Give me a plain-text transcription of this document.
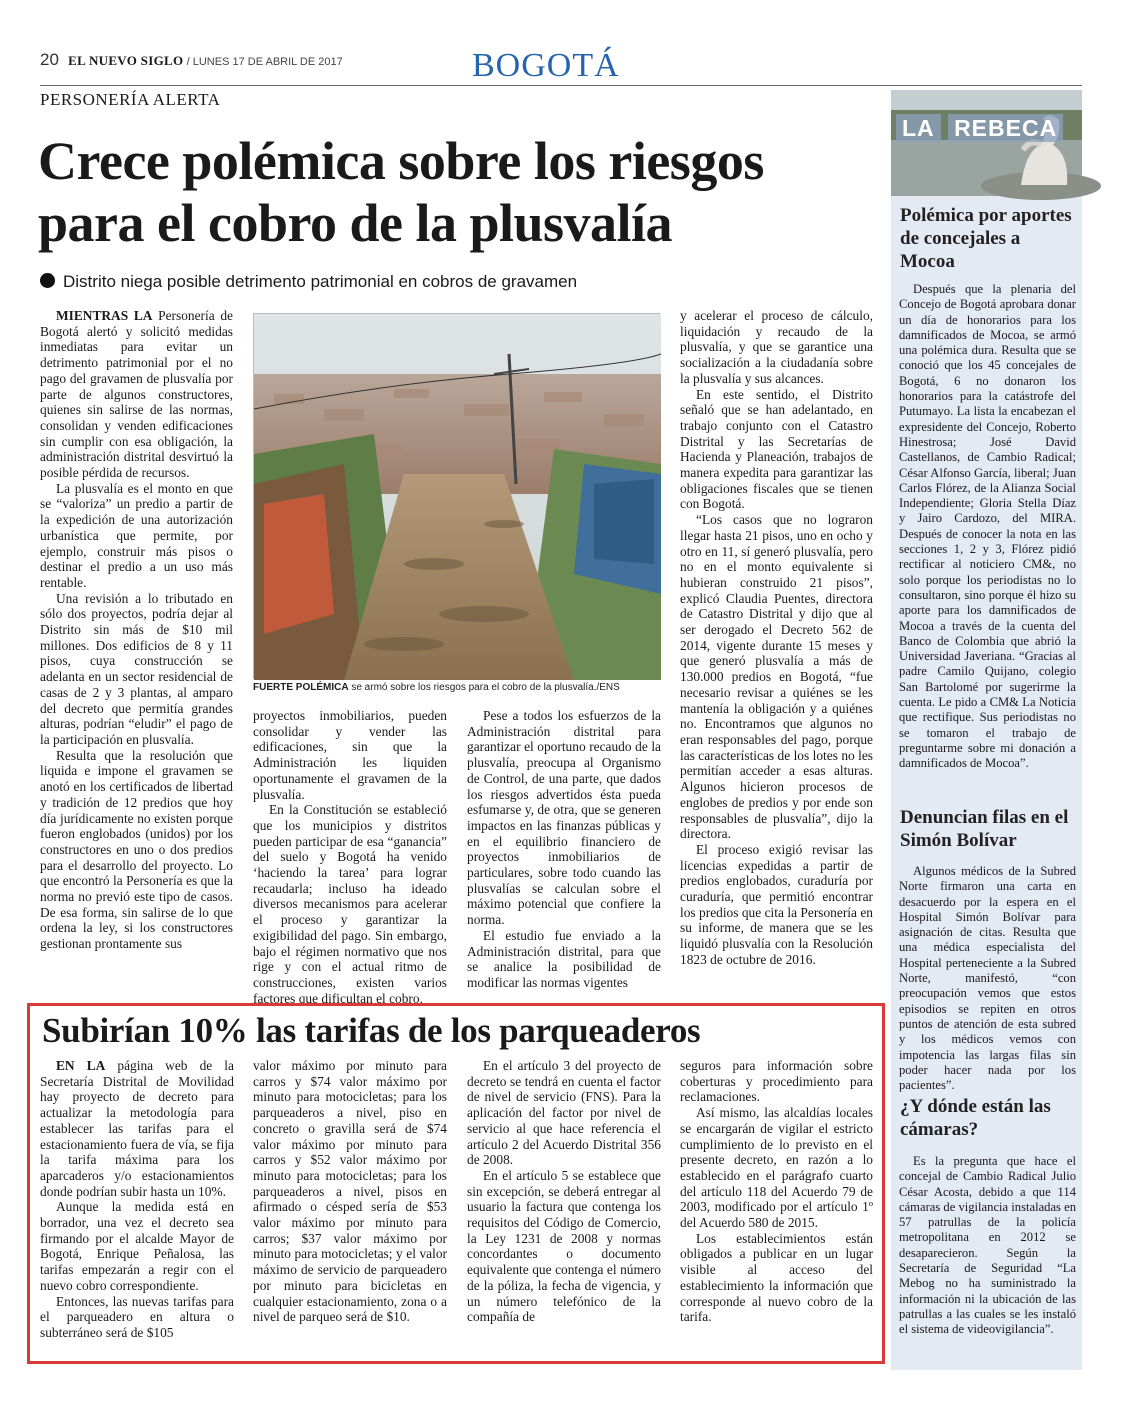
20 EL NUEVO SIGLO / LUNES 17 DE ABRIL DE 2017	BOGOTÁ
PERSONERÍA ALERTA
Crece polémica sobre los riesgos para el cobro de la plusvalía
Distrito niega posible detrimento patrimonial en cobros de gravamen

MIENTRAS LA Personería de Bogotá alertó y solicitó medidas inmediatas para evitar un detrimento patrimonial por el no pago del gravamen de plusvalía por parte de algunos constructores, quienes sin salirse de las normas, consolidan y venden edificaciones sin cumplir con esa obligación, la administración distrital desvirtuó la posible pérdida de recursos.

La plusvalía es el monto en que se “valoriza” un predio a partir de la expedición de una autorización urbanística que permite, por ejemplo, construir más pisos o destinar el predio a un uso más rentable.

Una revisión a lo tributado en sólo dos proyectos, podría dejar al Distrito sin más de $10 mil millones. Dos edificios de 8 y 11 pisos, cuya construcción se adelanta en un sector residencial de casas de 2 y 3 plantas, al amparo del decreto que permitía grandes alturas, podrían “eludir” el pago de la participación en plusvalía.

Resulta que la resolución que liquida e impone el gravamen se anotó en los certificados de libertad y tradición de 12 predios que hoy día jurídicamente no existen porque fueron englobados (unidos) por los constructores en uno o dos predios para el desarrollo del proyecto. Lo que encontró la Personería es que la norma no previó este tipo de casos. De esa forma, sin salirse de lo que ordena la ley, si los constructores gestionan prontamente sus

FUERTE POLÉMICA se armó sobre los riesgos para el cobro de la plusvalía./ENS

proyectos inmobiliarios, pueden consolidar y vender las edificaciones, sin que la Administración les liquiden oportunamente el gravamen de la plusvalía.

En la Constitución se estableció que los municipios y distritos pueden participar de esa “ganancia” del suelo y Bogotá ha venido ‘haciendo la tarea’ para lograr recaudarla; incluso ha ideado diversos mecanismos para acelerar el proceso y garantizar la exigibilidad del pago. Sin embargo, bajo el régimen normativo que nos rige y con el actual ritmo de construcciones, existen varios factores que dificultan el cobro.

Pese a todos los esfuerzos de la Administración distrital para garantizar el oportuno recaudo de la plusvalía, preocupa al Organismo de Control, de una parte, que dados los riesgos advertidos ésta pueda esfumarse y, de otra, que se generen impactos en las finanzas públicas y en el equilibrio financiero de proyectos inmobiliarios de particulares, sobre todo cuando las plusvalías se calculan sobre el máximo potencial que confiere la norma.

El estudio fue enviado a la Administración distrital, para que se analice la posibilidad de modificar las normas vigentes

y acelerar el proceso de cálculo, liquidación y recaudo de la plusvalía, y que se garantice una socialización a la ciudadanía sobre la plusvalía y sus alcances.

En este sentido, el Distrito señaló que se han adelantado, en trabajo conjunto con el Catastro Distrital y las Secretarías de Hacienda y Planeación, trabajos de manera expedita para garantizar las obligaciones fiscales que se tienen con Bogotá.

“Los casos que no lograron llegar hasta 21 pisos, uno en ocho y otro en 11, sí generó plusvalía, pero no en el monto equivalente si hubieran construido 21 pisos”, explicó Claudia Puentes, directora de Catastro Distrital y dijo que al ser derogado el Decreto 562 de 2014, vigente durante 15 meses y que generó plusvalía a más de 130.000 predios en Bogotá, “fue necesario revisar a quiénes se les mantenía la obligación y a quiénes no. Encontramos que algunos no eran responsables del pago, porque las características de los lotes no les permitían acceder a esas alturas. Algunos hicieron procesos de englobes de predios y por ende son responsables de plusvalía”, dijo la directora.

El proceso exigió revisar las licencias expedidas a partir de predios englobados, curaduría por curaduría, que permitió encontrar los predios que cita la Personería en su informe, de manera que se les liquidó plusvalía con la Resolución 1823 de octubre de 2016.

Subirían 10% las tarifas de los parqueaderos

EN LA página web de la Secretaría Distrital de Movilidad hay proyecto de decreto para actualizar la metodología para establecer las tarifas para el estacionamiento fuera de vía, se fija la tarifa máxima para los aparcaderos y/o estacionamientos donde podrían subir hasta un 10%.

Aunque la medida está en borrador, una vez el decreto sea firmando por el alcalde Mayor de Bogotá, Enrique Peñalosa, las tarifas empezarán a regir con el nuevo cobro correspondiente.

Entonces, las nuevas tarifas para el parqueadero en altura o subterráneo será de $105

valor máximo por minuto para carros y $74 valor máximo por minuto para motocicletas; para los parqueaderos a nivel, piso en concreto o gravilla será de $74 valor máximo por minuto para carros y $52 valor máximo por minuto para motocicletas; para los parqueaderos a nivel, pisos en afirmado o césped sería de $53 valor máximo por minuto para carros; $37 valor máximo por minuto para motocicletas; y el valor máximo de servicio de parqueadero por minuto para bicicletas en cualquier estacionamiento, zona o a nivel de parqueo será de $10.

En el artículo 3 del proyecto de decreto se tendrá en cuenta el factor de nivel de servicio (FNS). Para la aplicación del factor por nivel de servicio al que hace referencia el artículo 2 del Acuerdo Distrital 356 de 2008.

En el artículo 5 se establece que sin excepción, se deberá entregar al usuario la factura que contenga los requisitos del Código de Comercio, la Ley 1231 de 2008 y normas concordantes o documento equivalente que contenga el número de la póliza, la fecha de vigencia, y un número telefónico de la compañía de

seguros para información sobre coberturas y procedimiento para reclamaciones.

Así mismo, las alcaldías locales se encargarán de vigilar el estricto cumplimiento de lo previsto en el presente decreto, en razón a lo establecido en el parágrafo cuarto del artículo 118 del Acuerdo 79 de 2003, modificado por el artículo 1º del Acuerdo 580 de 2015.

Los establecimientos están obligados a publicar en un lugar visible al acceso del establecimiento la información que corresponde al nuevo cobro de la tarifa.

LA REBECA
Polémica por aportes de concejales a Mocoa

Después que la plenaria del Concejo de Bogotá aprobara donar un día de honorarios para los damnificados de Mocoa, se armó una polémica dura. Resulta que se conoció que los 45 concejales de Bogotá, 6 no donaron los honorarios para la catástrofe del Putumayo. La lista la encabezan el expresidente del Concejo, Roberto Hinestrosa; José David Castellanos, de Cambio Radical; César Alfonso García, liberal; Juan Carlos Flórez, de la Alianza Social Independiente; Gloria Stella Díaz y Jairo Cardozo, del MIRA. Después de conocer la nota en las secciones 1, 2 y 3, Flórez pidió rectificar al noticiero CM&, no solo porque los periodistas no lo consultaron, sino porque él hizo su aporte para los damnificados de Mocoa a través de la cuenta del Banco de Colombia que abrió la Universidad Javeriana. “Gracias al padre Camilo Quijano, colegio San Bartolomé por sugerirme la cuenta. Le pido a CM& La Noticia que rectifique. Sus periodistas no se tomaron el trabajo de preguntarme sobre mi donación a damnificados de Mocoa”.

Denuncian filas en el Simón Bolívar

Algunos médicos de la Subred Norte firmaron una carta en desacuerdo por la espera en el Hospital Simón Bolívar para asignación de citas. Resulta que una médica especialista del Hospital perteneciente a la Subred Norte, manifestó, “con preocupación vemos que estos episodios se repiten en otros puntos de atención de esta subred y los médicos vemos con impotencia las largas filas sin poder hacer nada por los pacientes”.

¿Y dónde están las cámaras?

Es la pregunta que hace el concejal de Cambio Radical Julio César Acosta, debido a que 114 cámaras de vigilancia instaladas en 57 patrullas de la policía metropolitana en 2012 se desaparecieron. Según la Secretaría de Seguridad “La Mebog no ha suministrado la información ni la ubicación de las patrullas a las cuales se les instaló el sistema de videovigilancia”.
